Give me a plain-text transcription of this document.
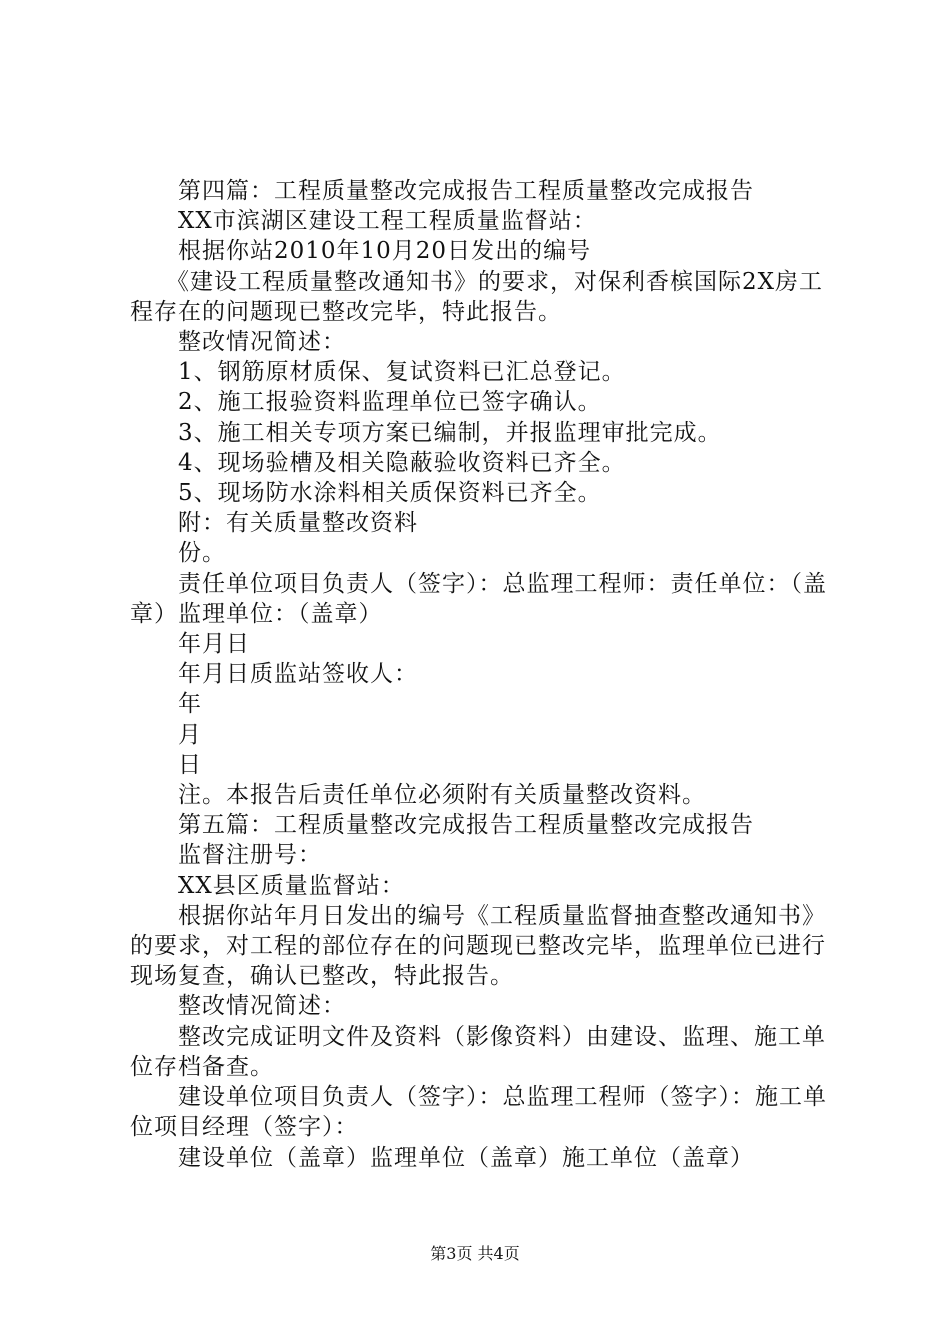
第四篇：工程质量整改完成报告工程质量整改完成报告

XX市滨湖区建设工程工程质量监督站：

根据你站2010年10月20日发出的编号

《建设工程质量整改通知书》的要求，对保利香槟国际2X房工程存在的问题现已整改完毕，特此报告。

整改情况简述：

1、钢筋原材质保、复试资料已汇总登记。

2、施工报验资料监理单位已签字确认。

3、施工相关专项方案已编制，并报监理审批完成。

4、现场验槽及相关隐蔽验收资料已齐全。

5、现场防水涂料相关质保资料已齐全。

附：有关质量整改资料

份。

责任单位项目负责人（签字）：总监理工程师：责任单位：（盖章）监理单位：（盖章）

年月日

年月日质监站签收人：

年

月

日

注。本报告后责任单位必须附有关质量整改资料。

第五篇：工程质量整改完成报告工程质量整改完成报告

监督注册号：

XX县区质量监督站：

根据你站年月日发出的编号《工程质量监督抽查整改通知书》的要求，对工程的部位存在的问题现已整改完毕，监理单位已进行现场复查，确认已整改，特此报告。

整改情况简述：

整改完成证明文件及资料（影像资料）由建设、监理、施工单位存档备查。

建设单位项目负责人（签字）：总监理工程师（签字）：施工单位项目经理（签字）：

建设单位（盖章）监理单位（盖章）施工单位（盖章）

第3页 共4页
